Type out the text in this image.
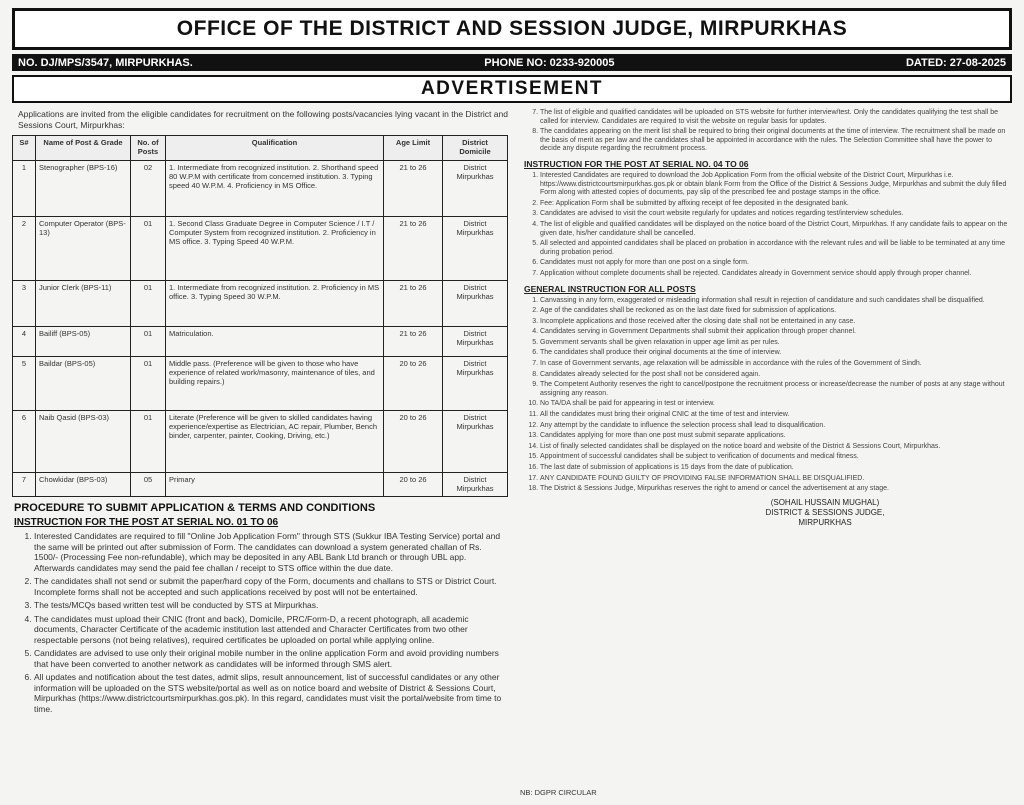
OFFICE OF THE DISTRICT AND SESSION JUDGE, MIRPURKHAS
NO. DJ/MPS/3547, MIRPURKHAS.	PHONE NO: 0233-920005	DATED: 27-08-2025
ADVERTISEMENT

Applications are invited from the eligible candidates for recruitment on the following posts/vacancies lying vacant in the District and Sessions Court, Mirpurkhas:

S#	Name of Post & Grade	No. of Posts	Qualification	Age Limit	District Domicile
1	Stenographer (BPS-16)	02	1. Intermediate from recognized institution. 2. Shorthand speed 80 W.P.M with certificate from concerned institution. 3. Typing speed 40 W.P.M. 4. Proficiency in MS Office.	21 to 26	District Mirpurkhas
2	Computer Operator (BPS-13)	01	1. Second Class Graduate Degree in Computer Science / I.T / Computer System from recognized institution. 2. Proficiency in MS office. 3. Typing Speed 40 W.P.M.	21 to 26	District Mirpurkhas
3	Junior Clerk (BPS-11)	01	1. Intermediate from recognized institution. 2. Proficiency in MS office. 3. Typing Speed 30 W.P.M.	21 to 26	District Mirpurkhas
4	Bailiff (BPS-05)	01	Matriculation.	21 to 26	District Mirpurkhas
5	Baildar (BPS-05)	01	Middle pass. (Preference will be given to those who have experience of related work/masonry, maintenance of tiles, and building repairs.)	20 to 26	District Mirpurkhas
6	Naib Qasid (BPS-03)	01	Literate (Preference will be given to skilled candidates having experience/expertise as Electrician, AC repair, Plumber, Bench binder, carpenter, painter, Cooking, Driving, etc.)	20 to 26	District Mirpurkhas
7	Chowkidar (BPS-03)	05	Primary	20 to 26	District Mirpurkhas
PROCEDURE TO SUBMIT APPLICATION & TERMS AND CONDITIONS
INSTRUCTION FOR THE POST AT SERIAL NO. 01 TO 06
1. Interested Candidates are required to fill "Online Job Application Form" through STS (Sukkur IBA Testing Service) portal and the same will be printed out after submission of Form. The candidates can download a system generated challan of Rs. 1500/- (Processing Fee non-refundable), which may be deposited in any ABL Bank Ltd branch or through UBL app. Afterwards candidates may send the paid fee challan / receipt to STS office within the due date.
2. The candidates shall not send or submit the paper/hard copy of the Form, documents and challans to STS or District Court. Incomplete forms shall not be accepted and such applications received by post will not be entertained.
3. The tests/MCQs based written test will be conducted by STS at Mirpurkhas.
4. The candidates must upload their CNIC (front and back), Domicile, PRC/Form-D, a recent photograph, all academic documents, Character Certificate of the academic institution last attended and Character Certificates from two other respectable persons (not being relatives), required certificates be uploaded on portal while applying online.
5. Candidates are advised to use only their original mobile number in the online application Form and avoid providing numbers that have been converted to another network as candidates will be informed through SMS alert.
6. All updates and notification about the test dates, admit slips, result announcement, list of successful candidates or any other information will be uploaded on the STS website/portal as well as on notice board and website of District & Sessions Court, Mirpurkhas (https://www.districtcourtsmirpurkhas.gos.pk). In this regard, candidates must visit the portal/website from time to time.
7. The list of eligible and qualified candidates will be uploaded on STS website for further interview/test. Only the candidates qualifying the test shall be called for interview. Candidates are required to visit the website on regular basis for updates.
8. The candidates appearing on the merit list shall be required to bring their original documents at the time of interview. The recruitment shall be made on the basis of merit as per law and the candidates shall be appointed in accordance with the rules. The Selection Committee shall have the power to decide any dispute regarding the recruitment process.
INSTRUCTION FOR THE POST AT SERIAL NO. 04 TO 06
1. Interested Candidates are required to download the Job Application Form from the official website of the District Court, Mirpurkhas i.e. https://www.districtcourtsmirpurkhas.gos.pk or obtain blank Form from the Office of the District & Sessions Judge, Mirpurkhas and submit the duly filled Form along with attested copies of documents, pay slip of the prescribed fee and postage stamps in the office.
2. Fee: Application Form shall be submitted by affixing receipt of fee deposited in the designated bank.
3. Candidates are advised to visit the court website regularly for updates and notices regarding test/interview schedules.
4. The list of eligible and qualified candidates will be displayed on the notice board of the District Court, Mirpurkhas. If any candidate fails to appear on the given date, his/her candidature shall be cancelled.
5. All selected and appointed candidates shall be placed on probation in accordance with the relevant rules and will be liable to be terminated at any time during probation period.
6. Candidates must not apply for more than one post on a single form.
7. Application without complete documents shall be rejected. Candidates already in Government service should apply through proper channel.
GENERAL INSTRUCTION FOR ALL POSTS
1. Canvassing in any form, exaggerated or misleading information shall result in rejection of candidature and such candidates shall be disqualified.
2. Age of the candidates shall be reckoned as on the last date fixed for submission of applications.
3. Incomplete applications and those received after the closing date shall not be entertained in any case.
4. Candidates serving in Government Departments shall submit their application through proper channel.
5. Government servants shall be given relaxation in upper age limit as per rules.
6. The candidates shall produce their original documents at the time of interview.
7. In case of Government servants, age relaxation will be admissible in accordance with the rules of the Government of Sindh.
8. Candidates already selected for the post shall not be considered again.
9. The Competent Authority reserves the right to cancel/postpone the recruitment process or increase/decrease the number of posts at any stage without assigning any reason.
10. No TA/DA shall be paid for appearing in test or interview.
11. All the candidates must bring their original CNIC at the time of test and interview.
12. Any attempt by the candidate to influence the selection process shall lead to disqualification.
13. Candidates applying for more than one post must submit separate applications.
14. List of finally selected candidates shall be displayed on the notice board and website of the District & Sessions Court, Mirpurkhas.
15. Appointment of successful candidates shall be subject to verification of documents and medical fitness.
16. The last date of submission of applications is 15 days from the date of publication.
17. ANY CANDIDATE FOUND GUILTY OF PROVIDING FALSE INFORMATION SHALL BE DISQUALIFIED.
18. The District & Sessions Judge, Mirpurkhas reserves the right to amend or cancel the advertisement at any stage.
(SOHAIL HUSSAIN MUGHAL)
DISTRICT & SESSIONS JUDGE,
MIRPURKHAS
NB: DGPR CIRCULAR
